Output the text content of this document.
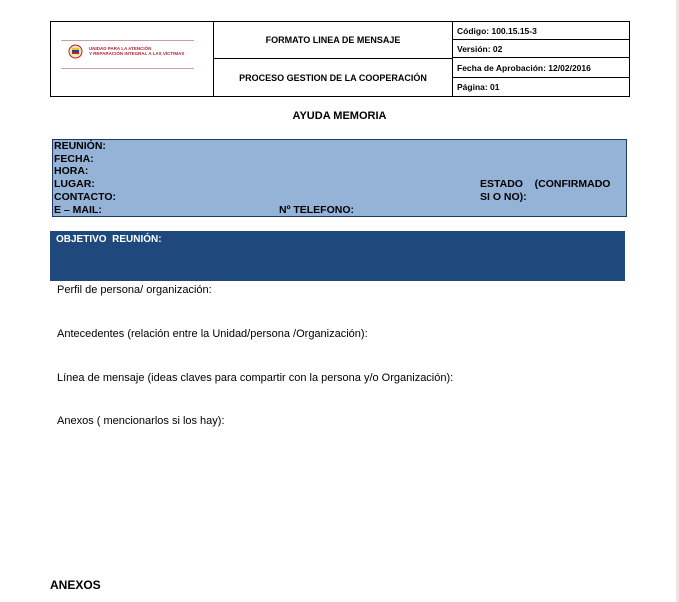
UNIDAD PARA LA ATENCIÓN
Y REPARACIÓN INTEGRAL A LAS VÍCTIMAS
FORMATO LINEA DE MENSAJE
PROCESO GESTION DE LA COOPERACIÓN
Código: 100.15.15-3
Versión: 02
Fecha de Aprobación: 12/02/2016
Página: 01
AYUDA MEMORIA
REUNIÓN:
FECHA:
HORA:
LUGAR:
CONTACTO:
E – MAIL:	Nº TELEFONO:
ESTADO    (CONFIRMADO
SI O NO):
OBJETIVO  REUNIÓN:
Perfil de persona/ organización:
Antecedentes (relación entre la Unidad/persona /Organización):
Línea de mensaje (ideas claves para compartir con la persona y/o Organización):
Anexos ( mencionarlos si los hay):
ANEXOS
